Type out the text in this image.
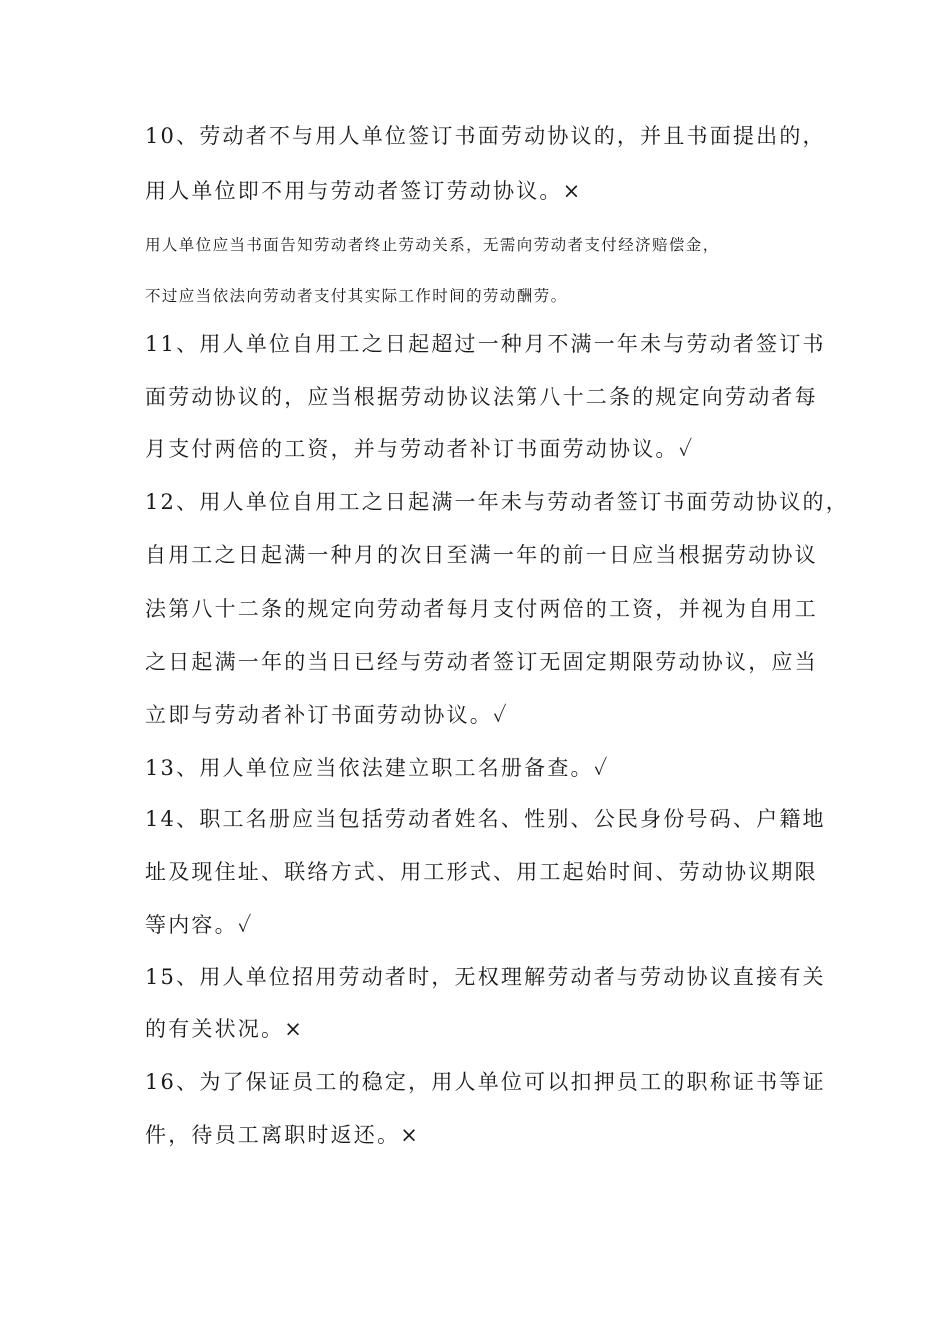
10、劳动者不与用人单位签订书面劳动协议的，并且书面提出的，
用人单位即不用与劳动者签订劳动协议。×
用人单位应当书面告知劳动者终止劳动关系，无需向劳动者支付经济赔偿金，
不过应当依法向劳动者支付其实际工作时间的劳动酬劳。
11、用人单位自用工之日起超过一种月不满一年未与劳动者签订书
面劳动协议的，应当根据劳动协议法第八十二条的规定向劳动者每
月支付两倍的工资，并与劳动者补订书面劳动协议。✓
12、用人单位自用工之日起满一年未与劳动者签订书面劳动协议的，
自用工之日起满一种月的次日至满一年的前一日应当根据劳动协议
法第八十二条的规定向劳动者每月支付两倍的工资，并视为自用工
之日起满一年的当日已经与劳动者签订无固定期限劳动协议，应当
立即与劳动者补订书面劳动协议。✓
13、用人单位应当依法建立职工名册备查。✓
14、职工名册应当包括劳动者姓名、性别、公民身份号码、户籍地
址及现住址、联络方式、用工形式、用工起始时间、劳动协议期限
等内容。✓
15、用人单位招用劳动者时，无权理解劳动者与劳动协议直接有关
的有关状况。×
16、为了保证员工的稳定，用人单位可以扣押员工的职称证书等证
件，待员工离职时返还。×
